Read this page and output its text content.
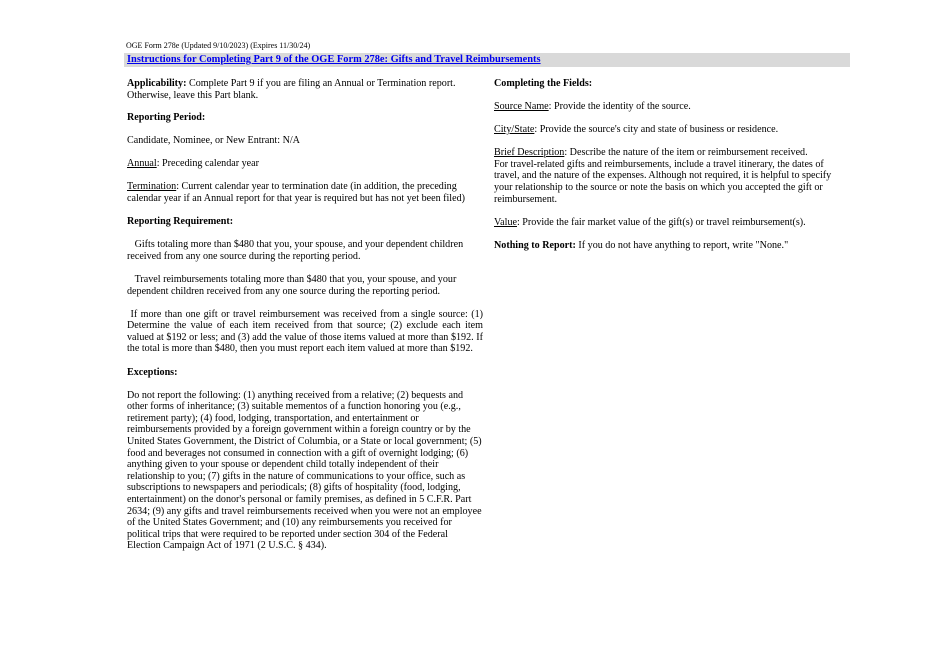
OGE Form 278e (Updated 9/10/2023) (Expires 11/30/24)
Instructions for Completing Part 9 of the OGE Form 278e: Gifts and Travel Reimbursements

Applicability: Complete Part 9 if you are filing an Annual or Termination report. Otherwise, leave this Part blank.

Reporting Period:

Candidate, Nominee, or New Entrant: N/A

Annual: Preceding calendar year

Termination: Current calendar year to termination date (in addition, the preceding calendar year if an Annual report for that year is required but has not yet been filed)

Reporting Requirement:

Gifts totaling more than $480 that you, your spouse, and your dependent children received from any one source during the reporting period.

Travel reimbursements totaling more than $480 that you, your spouse, and your dependent children received from any one source during the reporting period.

If more than one gift or travel reimbursement was received from a single source: (1) Determine the value of each item received from that source; (2) exclude each item valued at $192 or less; and (3) add the value of those items valued at more than $192. If the total is more than $480, then you must report each item valued at more than $192.

Exceptions:

Do not report the following: (1) anything received from a relative; (2) bequests and other forms of inheritance; (3) suitable mementos of a function honoring you (e.g., retirement party); (4) food, lodging, transportation, and entertainment or reimbursements provided by a foreign government within a foreign country or by the United States Government, the District of Columbia, or a State or local government; (5) food and beverages not consumed in connection with a gift of overnight lodging; (6) anything given to your spouse or dependent child totally independent of their relationship to you; (7) gifts in the nature of communications to your office, such as subscriptions to newspapers and periodicals; (8) gifts of hospitality (food, lodging, entertainment) on the donor's personal or family premises, as defined in 5 C.F.R. Part 2634; (9) any gifts and travel reimbursements received when you were not an employee of the United States Government; and (10) any reimbursements you received for political trips that were required to be reported under section 304 of the Federal Election Campaign Act of 1971 (2 U.S.C. § 434).

Completing the Fields:

Source Name: Provide the identity of the source.

City/State: Provide the source's city and state of business or residence.

Brief Description: Describe the nature of the item or reimbursement received.
For travel-related gifts and reimbursements, include a travel itinerary, the dates of travel, and the nature of the expenses. Although not required, it is helpful to specify your relationship to the source or note the basis on which you accepted the gift or reimbursement.

Value: Provide the fair market value of the gift(s) or travel reimbursement(s).

Nothing to Report: If you do not have anything to report, write "None."
